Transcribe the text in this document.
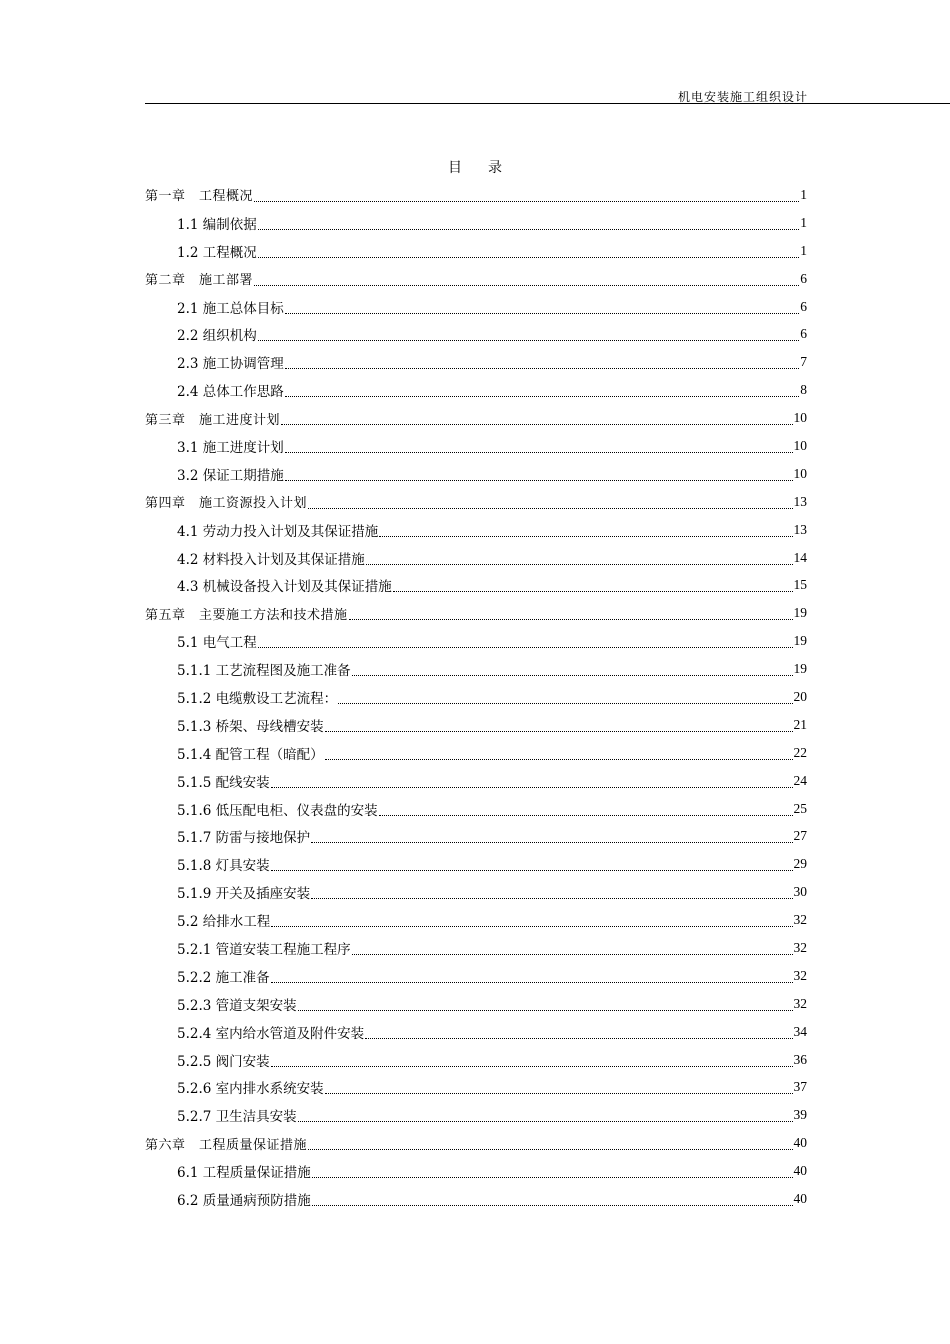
机电安装施工组织设计
目录
第一章　工程概况	1
1.1 编制依据	1
1.2 工程概况	1
第二章　施工部署	6
2.1 施工总体目标	6
2.2 组织机构	6
2.3 施工协调管理	7
2.4 总体工作思路	8
第三章　施工进度计划	10
3.1 施工进度计划	10
3.2 保证工期措施	10
第四章　施工资源投入计划	13
4.1 劳动力投入计划及其保证措施	13
4.2 材料投入计划及其保证措施	14
4.3 机械设备投入计划及其保证措施	15
第五章　主要施工方法和技术措施	19
5.1 电气工程	19
5.1.1 工艺流程图及施工准备	19
5.1.2 电缆敷设工艺流程：	20
5.1.3 桥架、母线槽安装	21
5.1.4 配管工程（暗配）	22
5.1.5 配线安装	24
5.1.6 低压配电柜、仪表盘的安装	25
5.1.7 防雷与接地保护	27
5.1.8 灯具安装	29
5.1.9 开关及插座安装	30
5.2 给排水工程	32
5.2.1 管道安装工程施工程序	32
5.2.2 施工准备	32
5.2.3 管道支架安装	32
5.2.4 室内给水管道及附件安装	34
5.2.5 阀门安装	36
5.2.6 室内排水系统安装	37
5.2.7 卫生洁具安装	39
第六章　工程质量保证措施	40
6.1 工程质量保证措施	40
6.2 质量通病预防措施	40
